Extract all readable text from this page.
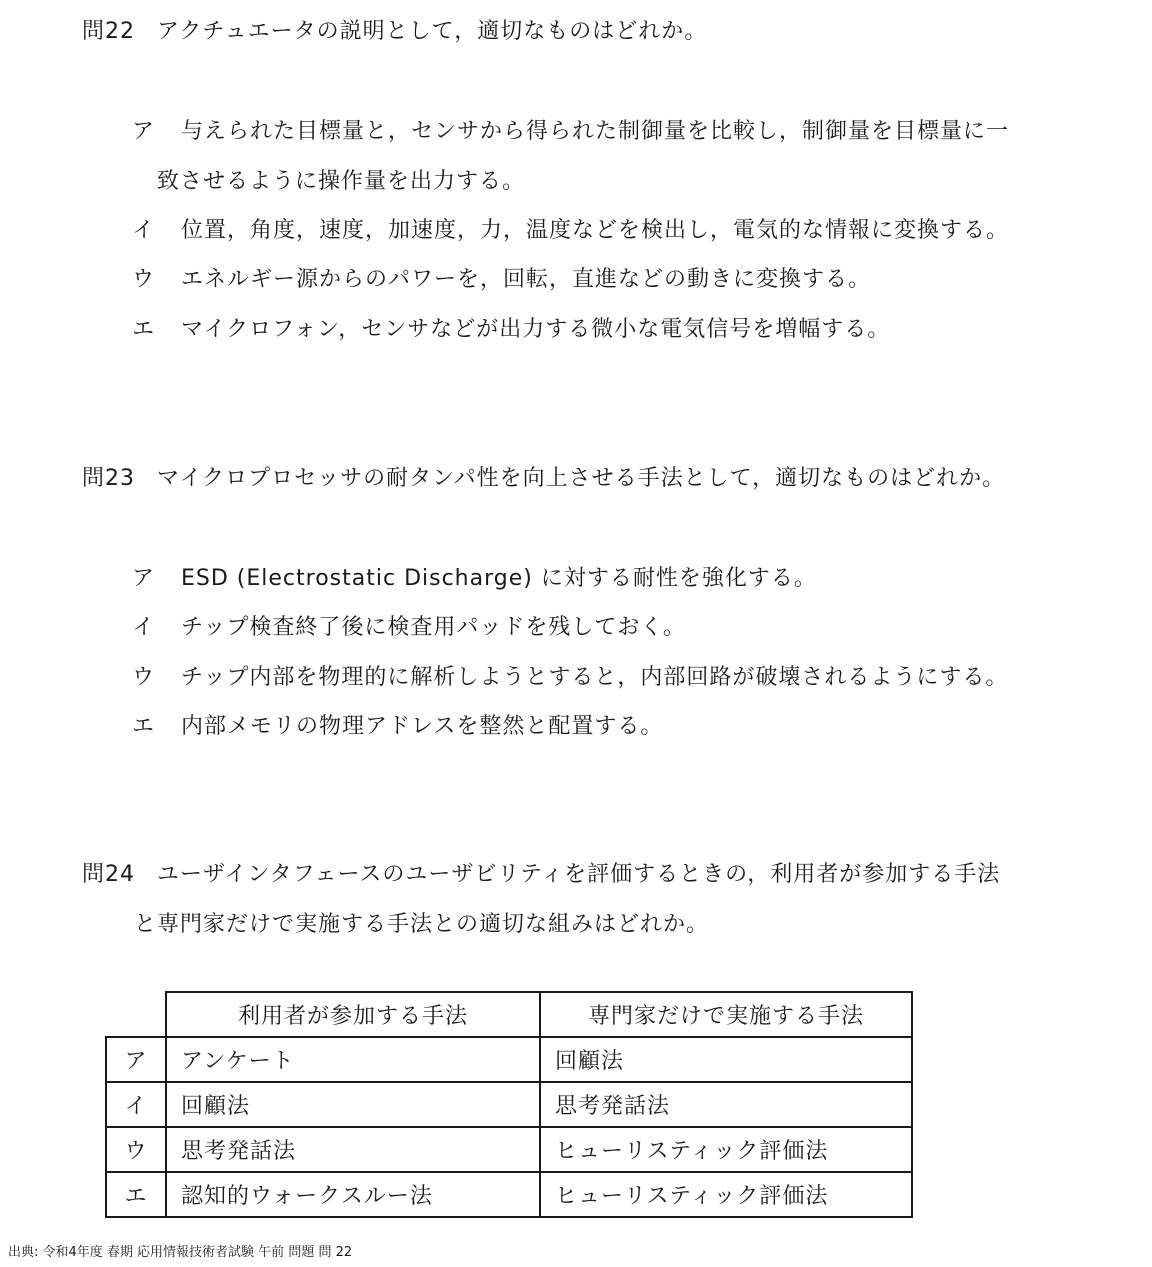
問22 アクチュエータの説明として，適切なものはどれか。
ア 与えられた目標量と，センサから得られた制御量を比較し，制御量を目標量に一
致させるように操作量を出力する。
イ 位置，角度，速度，加速度，力，温度などを検出し，電気的な情報に変換する。
ウ エネルギー源からのパワーを，回転，直進などの動きに変換する。
エ マイクロフォン，センサなどが出力する微小な電気信号を増幅する。
問23 マイクロプロセッサの耐タンパ性を向上させる手法として，適切なものはどれか。
ア ESD (Electrostatic Discharge) に対する耐性を強化する。
イ チップ検査終了後に検査用パッドを残しておく。
ウ チップ内部を物理的に解析しようとすると，内部回路が破壊されるようにする。
エ 内部メモリの物理アドレスを整然と配置する。
問24 ユーザインタフェースのユーザビリティを評価するときの，利用者が参加する手法
と専門家だけで実施する手法との適切な組みはどれか。
	利用者が参加する手法	専門家だけで実施する手法
ア	アンケート	回顧法
イ	回顧法	思考発話法
ウ	思考発話法	ヒューリスティック評価法
エ	認知的ウォークスルー法	ヒューリスティック評価法
出典: 令和4年度 春期 応用情報技術者試験 午前 問題 問 22
